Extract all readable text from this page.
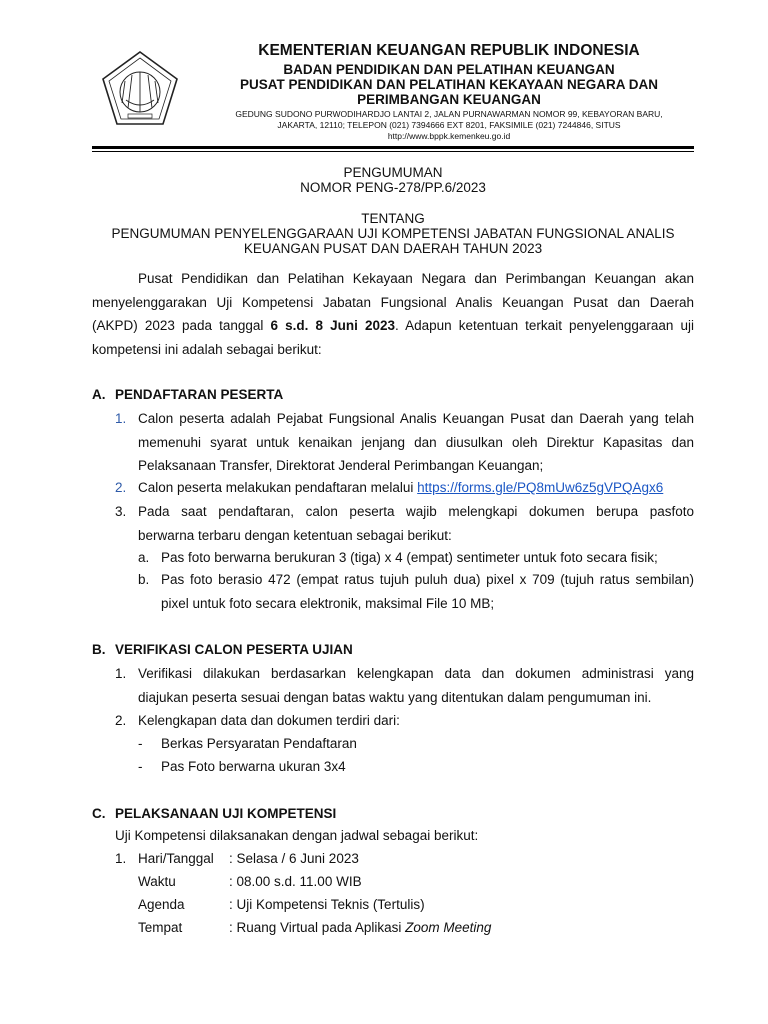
KEMENTERIAN KEUANGAN REPUBLIK INDONESIA
BADAN PENDIDIKAN DAN PELATIHAN KEUANGAN
PUSAT PENDIDIKAN DAN PELATIHAN KEKAYAAN NEGARA DAN
PERIMBANGAN KEUANGAN
GEDUNG SUDONO PURWODIHARDJO LANTAI 2, JALAN PURNAWARMAN NOMOR 99, KEBAYORAN BARU,
JAKARTA, 12110; TELEPON (021) 7394666 EXT 8201, FAKSIMILE (021) 7244846, SITUS
http://www.bppk.kemenkeu.go.id
PENGUMUMAN
NOMOR PENG-278/PP.6/2023
TENTANG
PENGUMUMAN PENYELENGGARAAN UJI KOMPETENSI JABATAN FUNGSIONAL ANALIS
KEUANGAN PUSAT DAN DAERAH TAHUN 2023
Pusat Pendidikan dan Pelatihan Kekayaan Negara dan Perimbangan Keuangan akan
menyelenggarakan Uji Kompetensi Jabatan Fungsional Analis Keuangan Pusat dan Daerah
(AKPD) 2023 pada tanggal 6 s.d. 8 Juni 2023. Adapun ketentuan terkait penyelenggaraan uji
kompetensi ini adalah sebagai berikut:
A. PENDAFTARAN PESERTA
1. Calon peserta adalah Pejabat Fungsional Analis Keuangan Pusat dan Daerah yang telah
memenuhi syarat untuk kenaikan jenjang dan diusulkan oleh Direktur Kapasitas dan
Pelaksanaan Transfer, Direktorat Jenderal Perimbangan Keuangan;
2. Calon peserta melakukan pendaftaran melalui https://forms.gle/PQ8mUw6z5gVPQAgx6
3. Pada saat pendaftaran, calon peserta wajib melengkapi dokumen berupa pasfoto
berwarna terbaru dengan ketentuan sebagai berikut:
a. Pas foto berwarna berukuran 3 (tiga) x 4 (empat) sentimeter untuk foto secara fisik;
b. Pas foto berasio 472 (empat ratus tujuh puluh dua) pixel x 709 (tujuh ratus sembilan)
pixel untuk foto secara elektronik, maksimal File 10 MB;
B. VERIFIKASI CALON PESERTA UJIAN
1. Verifikasi dilakukan berdasarkan kelengkapan data dan dokumen administrasi yang
diajukan peserta sesuai dengan batas waktu yang ditentukan dalam pengumuman ini.
2. Kelengkapan data dan dokumen terdiri dari:
-	Berkas Persyaratan Pendaftaran
-	Pas Foto berwarna ukuran 3x4
C. PELAKSANAAN UJI KOMPETENSI
Uji Kompetensi dilaksanakan dengan jadwal sebagai berikut:
1. Hari/Tanggal : Selasa / 6 Juni 2023
Waktu	: 08.00 s.d. 11.00 WIB
Agenda	: Uji Kompetensi Teknis (Tertulis)
Tempat	: Ruang Virtual pada Aplikasi Zoom Meeting
